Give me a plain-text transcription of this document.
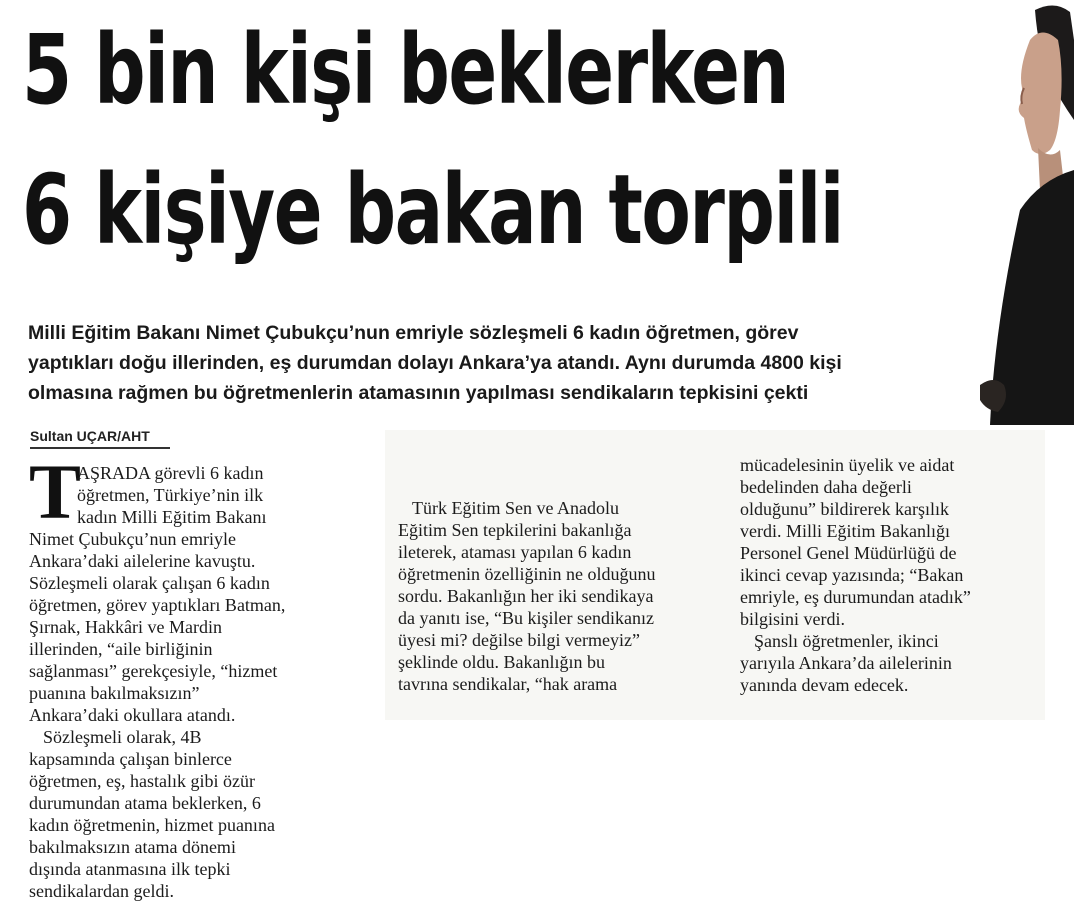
5 bin kişi beklerken
6 kişiye bakan torpili

Milli Eğitim Bakanı Nimet Çubukçu’nun emriyle sözleşmeli 6 kadın öğretmen, görev
yaptıkları doğu illerinden, eş durumdan dolayı Ankara’ya atandı. Aynı durumda 4800 kişi
olmasına rağmen bu öğretmenlerin atamasının yapılması sendikaların tepkisini çekti

Sultan UÇAR/AHT
T
AŞRADA görevli 6 kadın
öğretmen, Türkiye’nin ilk
kadın Milli Eğitim Bakanı
Nimet Çubukçu’nun emriyle
Ankara’daki ailelerine kavuştu.
Sözleşmeli olarak çalışan 6 kadın
öğretmen, görev yaptıkları Batman,
Şırnak, Hakkâri ve Mardin
illerinden, “aile birliğinin
sağlanması” gerekçesiyle, “hizmet
puanına bakılmaksızın”
Ankara’daki okullara atandı.
Sözleşmeli olarak, 4B
kapsamında çalışan binlerce
öğretmen, eş, hastalık gibi özür
durumundan atama beklerken, 6
kadın öğretmenin, hizmet puanına
bakılmaksızın atama dönemi
dışında atanmasına ilk tepki
sendikalardan geldi.
Türk Eğitim Sen ve Anadolu
Eğitim Sen tepkilerini bakanlığa
ileterek, ataması yapılan 6 kadın
öğretmenin özelliğinin ne olduğunu
sordu. Bakanlığın her iki sendikaya
da yanıtı ise, “Bu kişiler sendikanız
üyesi mi? değilse bilgi vermeyiz”
şeklinde oldu. Bakanlığın bu
tavrına sendikalar, “hak arama
mücadelesinin üyelik ve aidat
bedelinden daha değerli
olduğunu” bildirerek karşılık
verdi. Milli Eğitim Bakanlığı
Personel Genel Müdürlüğü de
ikinci cevap yazısında; “Bakan
emriyle, eş durumundan atadık”
bilgisini verdi.
Şanslı öğretmenler, ikinci
yarıyıla Ankara’da ailelerinin
yanında devam edecek.
